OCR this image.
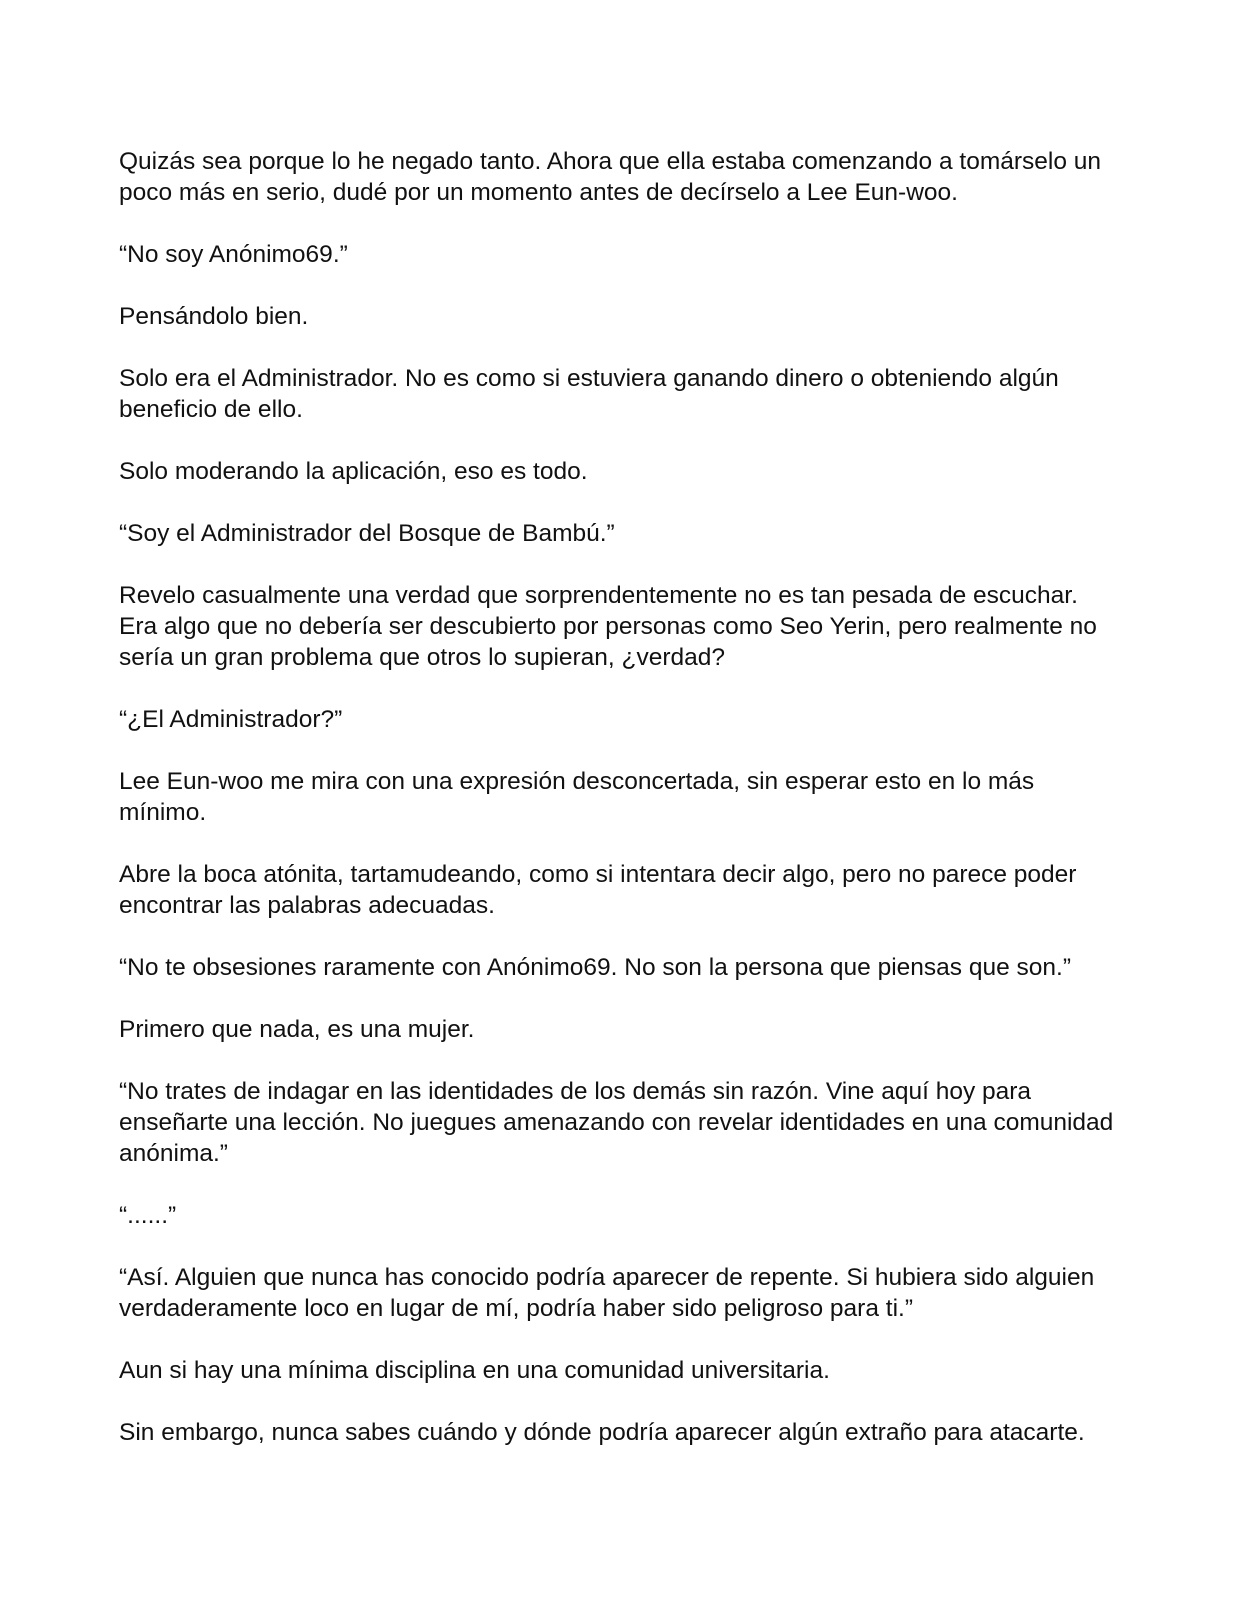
Quizás sea porque lo he negado tanto. Ahora que ella estaba comenzando a tomárselo un poco más en serio, dudé por un momento antes de decírselo a Lee Eun-woo.

“No soy Anónimo69.”

Pensándolo bien.

Solo era el Administrador. No es como si estuviera ganando dinero o obteniendo algún beneficio de ello.

Solo moderando la aplicación, eso es todo.

“Soy el Administrador del Bosque de Bambú.”

Revelo casualmente una verdad que sorprendentemente no es tan pesada de escuchar. Era algo que no debería ser descubierto por personas como Seo Yerin, pero realmente no sería un gran problema que otros lo supieran, ¿verdad?

“¿El Administrador?”

Lee Eun-woo me mira con una expresión desconcertada, sin esperar esto en lo más mínimo.

Abre la boca atónita, tartamudeando, como si intentara decir algo, pero no parece poder encontrar las palabras adecuadas.

“No te obsesiones raramente con Anónimo69. No son la persona que piensas que son.”

Primero que nada, es una mujer.

“No trates de indagar en las identidades de los demás sin razón. Vine aquí hoy para enseñarte una lección. No juegues amenazando con revelar identidades en una comunidad anónima.”

“......”

“Así. Alguien que nunca has conocido podría aparecer de repente. Si hubiera sido alguien verdaderamente loco en lugar de mí, podría haber sido peligroso para ti.”

Aun si hay una mínima disciplina en una comunidad universitaria.

Sin embargo, nunca sabes cuándo y dónde podría aparecer algún extraño para atacarte.
